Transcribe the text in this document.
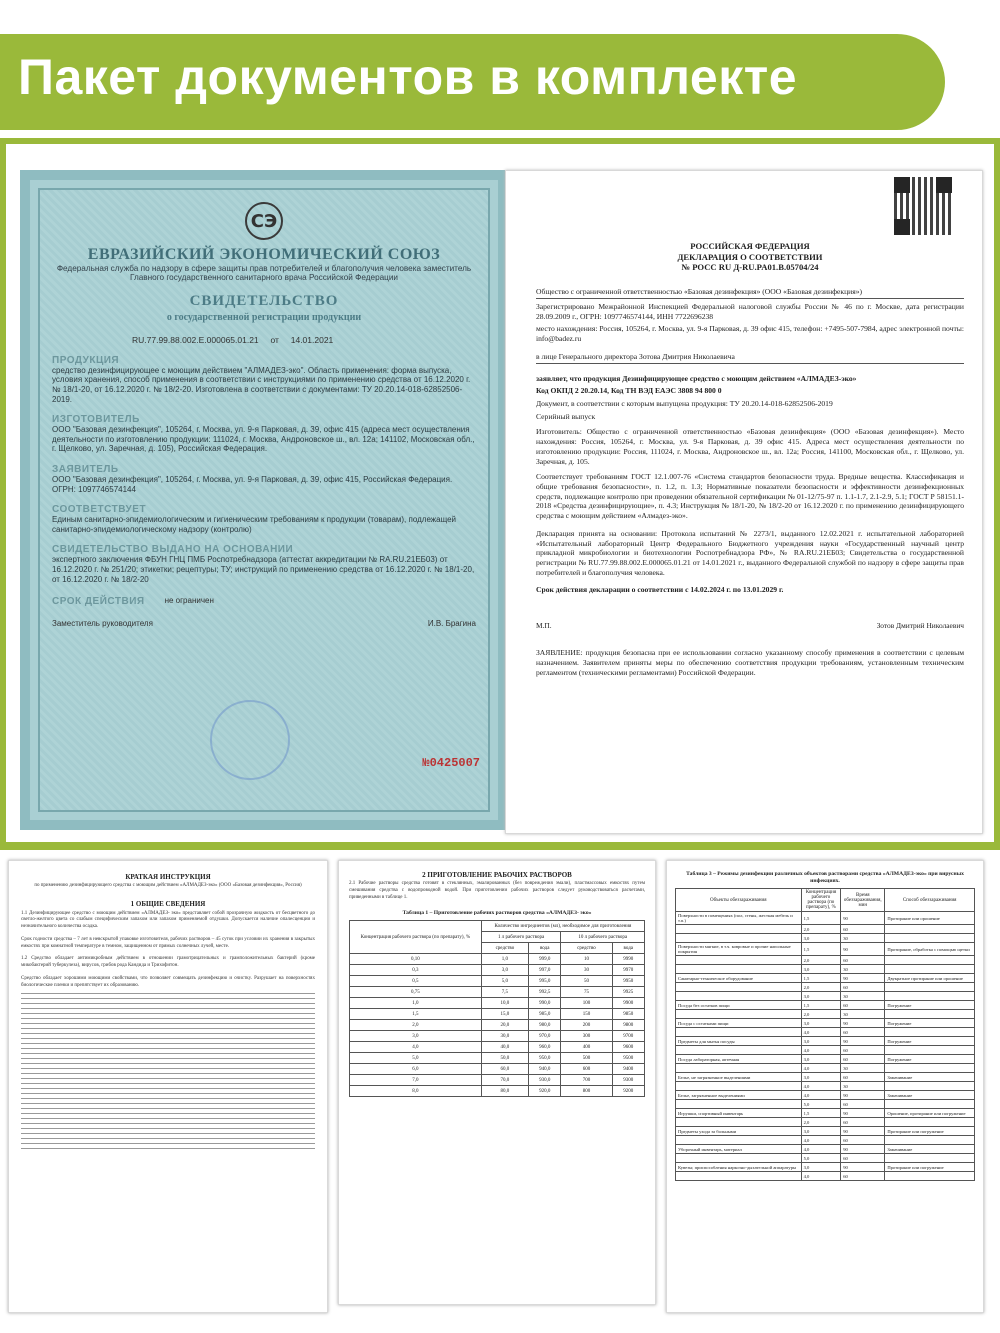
Пакет документов в комплекте
СЭ
ЕВРАЗИЙСКИЙ ЭКОНОМИЧЕСКИЙ СОЮЗ
Федеральная служба по надзору в сфере защиты прав потребителей и благополучия человека заместитель Главного государственного санитарного врача Российской Федерации
СВИДЕТЕЛЬСТВО
о государственной регистрации продукции
RU.77.99.88.002.Е.000065.01.21 от 14.01.2021
ПРОДУКЦИЯ
средство дезинфицирующее с моющим действием "АЛМАДЕЗ-эко". Область применения: форма выпуска, условия хранения, способ применения в соответствии с инструкциями по применению средства от 16.12.2020 г. № 18/1-20, от 16.12.2020 г. № 18/2-20. Изготовлена в соответствии с документами: ТУ 20.20.14-018-62852506-2019.
ИЗГОТОВИТЕЛЬ
ООО "Базовая дезинфекция", 105264, г. Москва, ул. 9-я Парковая, д. 39, офис 415 (адреса мест осуществления деятельности по изготовлению продукции: 111024, г. Москва, Андроновское ш., вл. 12а; 141102, Московская обл., г. Щелково, ул. Заречная, д. 105), Российская Федерация.
ЗАЯВИТЕЛЬ
ООО "Базовая дезинфекция", 105264, г. Москва, ул. 9-я Парковая, д. 39, офис 415, Российская Федерация. ОГРН: 1097746574144
СООТВЕТСТВУЕТ
Единым санитарно-эпидемиологическим и гигиеническим требованиям к продукции (товарам), подлежащей санитарно-эпидемиологическому надзору (контролю)
СВИДЕТЕЛЬСТВО ВЫДАНО НА ОСНОВАНИИ
экспертного заключения ФБУН ГНЦ ПМБ Роспотребнадзора (аттестат аккредитации № RA.RU.21ЕБ03) от 16.12.2020 г. № 251/20; этикетки; рецептуры; ТУ; инструкций по применению средства от 16.12.2020 г. № 18/1-20, от 16.12.2020 г. № 18/2-20
СРОК ДЕЙСТВИЯ	не ограничен
Заместитель руководителя	И.В. Брагина
№0425007
РОССИЙСКАЯ ФЕДЕРАЦИЯ
ДЕКЛАРАЦИЯ О СООТВЕТСТВИИ
№ РОСС RU Д-RU.PA01.B.05704/24

Общество с ограниченной ответственностью «Базовая дезинфекция» (ООО «Базовая дезинфекция»)

Зарегистрировано Межрайонной Инспекцией Федеральной налоговой службы России № 46 по г. Москве, дата регистрации 28.09.2009 г., ОГРН: 1097746574144, ИНН 7722696238

место нахождения: Россия, 105264, г. Москва, ул. 9-я Парковая, д. 39 офис 415, телефон: +7495-507-7984, адрес электронной почты: info@badez.ru

в лице Генерального директора Зотова Дмитрия Николаевича

заявляет, что продукция Дезинфицирующее средство с моющим действием «АЛМАДЕЗ-эко»

Код ОКПД 2 20.20.14, Код ТН ВЭД ЕАЭС 3808 94 800 0

Документ, в соответствии с которым выпущена продукция: ТУ 20.20.14-018-62852506-2019

Серийный выпуск

Изготовитель: Общество с ограниченной ответственностью «Базовая дезинфекция» (ООО «Базовая дезинфекция»). Место нахождения: Россия, 105264, г. Москва, ул. 9-я Парковая, д. 39 офис 415. Адреса мест осуществления деятельности по изготовлению продукции: Россия, 111024, г. Москва, Андроновское ш., вл. 12а; Россия, 141100, Московская обл., г. Щелково, ул. Заречная, д. 105.

Соответствует требованиям ГОСТ 12.1.007-76 «Система стандартов безопасности труда. Вредные вещества. Классификация и общие требования безопасности», п. 1.2, п. 1.3; Нормативные показатели безопасности и эффективности дезинфекционных средств, подлежащие контролю при проведении обязательной сертификации № 01-12/75-97 п. 1.1-1.7, 2.1-2.9, 5.1; ГОСТ Р 58151.1-2018 «Средства дезинфицирующие», п. 4.3; Инструкция № 18/1-20, № 18/2-20 от 16.12.2020 г. по применению дезинфицирующего средства с моющим действием «Алмадез-эко».

Декларация принята на основании: Протокола испытаний № 2273/1, выданного 12.02.2021 г. испытательной лабораторией «Испытательный лабораторный Центр Федерального Бюджетного учреждения науки «Государственный научный центр прикладной микробиологии и биотехнологии Роспотребнадзора РФ», № RA.RU.21ЕБ03; Свидетельства о государственной регистрации № RU.77.99.88.002.Е.000065.01.21 от 14.01.2021 г., выданного Федеральной службой по надзору в сфере защиты прав потребителей и благополучия человека.

Срок действия декларации о соответствии с 14.02.2024 г. по 13.01.2029 г.

М.П.	Зотов Дмитрий Николаевич

ЗАЯВЛЕНИЕ: продукция безопасна при ее использовании согласно указанному способу применения в соответствии с целевым назначением. Заявителем приняты меры по обеспечению соответствия продукции требованиям, установленным техническим регламентом (техническими регламентами) Российской Федерации.

КРАТКАЯ ИНСТРУКЦИЯ
по применению дезинфицирующего средства с моющим действием «АЛМАДЕЗ-эко» (ООО «Базовая дезинфекция», Россия)
1 ОБЩИЕ СВЕДЕНИЯ
1.1 Дезинфицирующее средство с моющим действием «АЛМАДЕЗ- эко» представляет собой прозрачную жидкость от бесцветного до светло-желтого цвета со слабым специфическим запахом или запахом применяемой отдушки. Допускается наличие опалесценции и незначительного количества осадка.
Срок годности средства – 7 лет в невскрытой упаковке изготовителя, рабочих растворов – 45 суток при условии их хранения в закрытых емкостях при комнатной температуре в темном, защищенном от прямых солнечных лучей, месте.
1.2 Средство обладает антимикробным действием в отношении грамотрицательных и грамположительных бактерий (кроме микобактерий туберкулеза), вирусов, грибов рода Кандида и Трихофитон.
Средство обладает хорошими моющими свойствами, что позволяет совмещать дезинфекцию и очистку. Разрушает на поверхностях биологические пленки и препятствует их образованию.
2 ПРИГОТОВЛЕНИЕ РАБОЧИХ РАСТВОРОВ
2.1 Рабочие растворы средства готовят в стеклянных, эмалированных (без повреждения эмали), пластмассовых емкостях путем смешивания средства с водопроводной водой. При приготовлении рабочих растворов следует руководствоваться расчетами, приведенными в таблице 1.
Таблица 1 – Приготовление рабочих растворов средства «АЛМАДЕЗ- эко»
Концентрация рабочего раствора (по препарату), %	Количество ингредиентов (мл), необходимое для приготовления			
	1 л рабочего раствора		10 л рабочего раствора	
	средство	вода	средство	вода
0,10	1,0	999,0	10	9990
0,3	3,0	997,0	30	9970
0,5	5,0	995,0	50	9950
0,75	7,5	992,5	75	9925
1,0	10,0	990,0	100	9900
1,5	15,0	985,0	150	9850
2,0	20,0	980,0	200	9800
3,0	30,0	970,0	300	9700
4,0	40,0	960,0	400	9600
5,0	50,0	950,0	500	9500
6,0	60,0	940,0	600	9400
7,0	70,0	930,0	700	9300
8,0	80,0	920,0	800	9200
Таблица 3 – Режимы дезинфекции различных объектов растворами средства «АЛМАДЕЗ-эко» при вирусных инфекциях.
Объекты обеззараживания	Концентрация рабочего раствора (по препарату), %	Время обеззараживания, мин	Способ обеззараживания
Поверхности в помещениях (пол, стены, жесткая мебель и т.п.)	1,5	90	Протирание или орошение
	2,0	60	
	3,0	30	
Поверхности мягкие, в т.ч. ковровые и прочие напольные покрытия	1,5	90	Протирание, обработка с помощью щетки
	2,0	60	
	3,0	30	
Санитарно-техническое оборудование	1,5	90	Двукратное протирание или орошение
	2,0	60	
	3,0	30	
Посуда без остатков пищи	1,5	60	Погружение
	2,0	30	
Посуда с остатками пищи	3,0	90	Погружение
	4,0	60	
Предметы для мытья посуды	3,0	90	Погружение
	4,0	60	
Посуда лабораторная, аптечная	3,0	60	Погружение
	4,0	30	
Белье, не загрязненное выделениями	3,0	60	Замачивание
	4,0	30	
Белье, загрязненное выделениями	4,0	90	Замачивание
	5,0	60	
Игрушки, спортивный инвентарь	1,5	90	Орошение, протирание или погружение
	2,0	60	
Предметы ухода за больными	3,0	90	Протирание или погружение
	4,0	60	
Уборочный инвентарь, материал	4,0	90	Замачивание
	5,0	60	
Кувезы; приспособления наркозно-дыхательной аппаратуры	3,0	90	Протирание или погружение
	4,0	60	
